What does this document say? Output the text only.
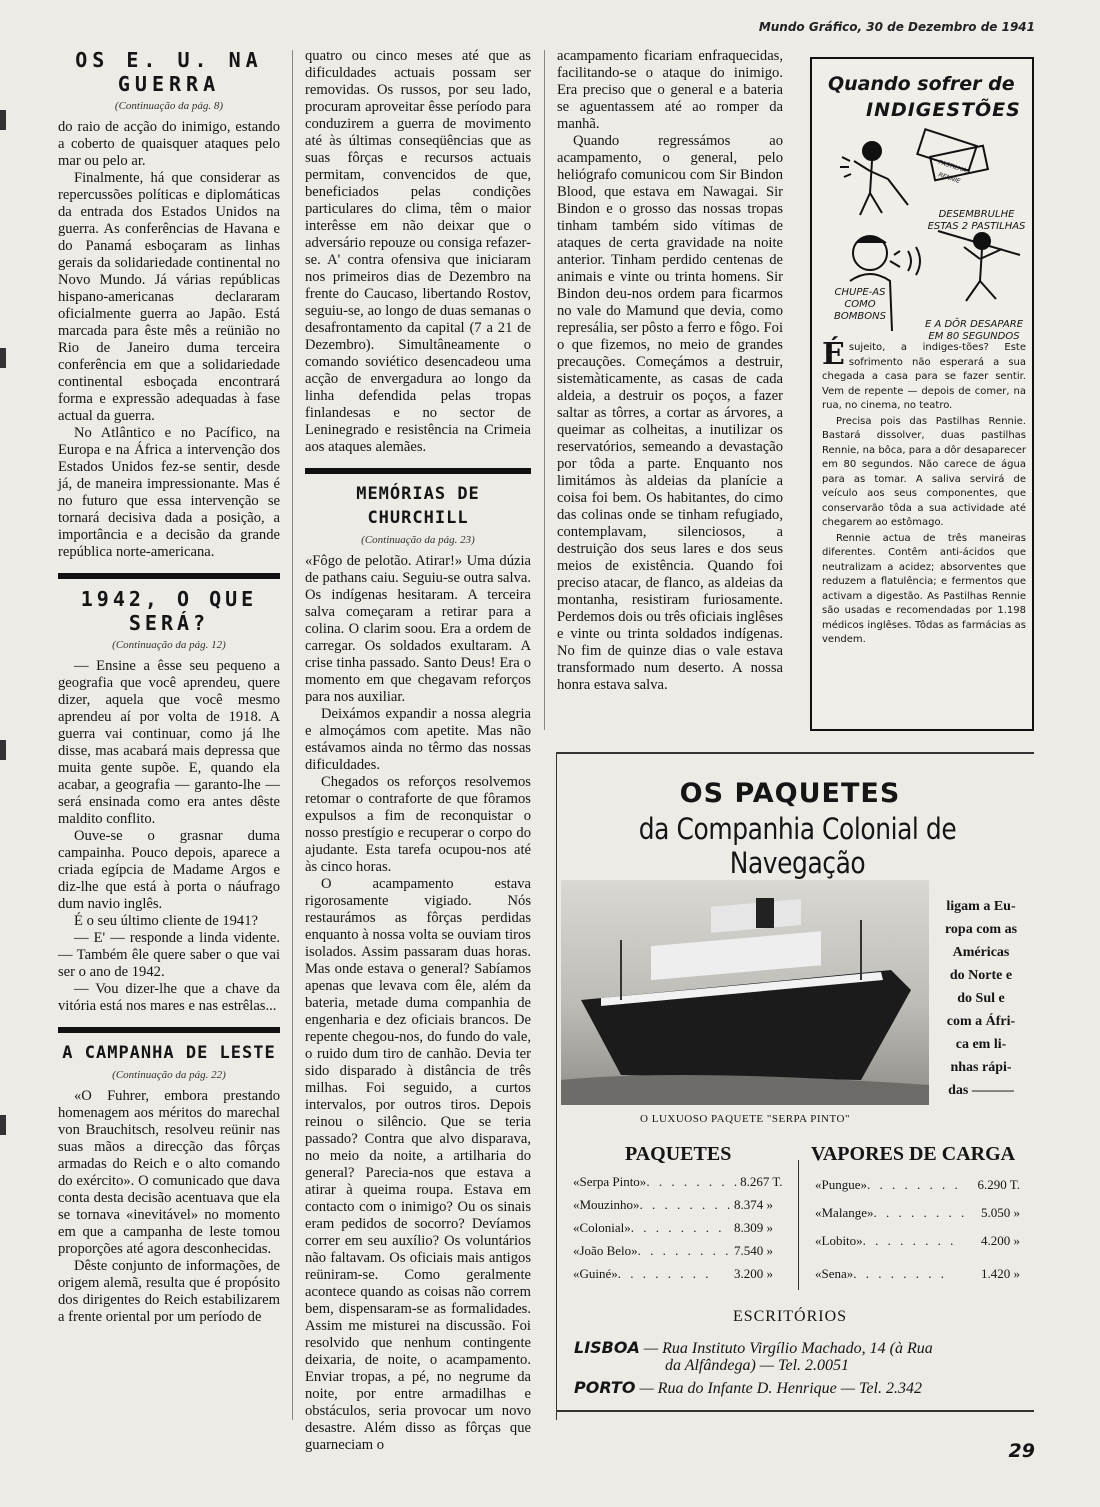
Mundo Gráfico, 30 de Dezembro de 1941
OS E. U. NA GUERRA
(Continuação da pág. 8)

do raio de acção do inimigo, estando a coberto de quaisquer ataques pelo mar ou pelo ar.

Finalmente, há que considerar as repercussões políticas e diplomáticas da entrada dos Estados Unidos na guerra. As conferências de Havana e do Panamá esboçaram as linhas gerais da solidariedade continental no Novo Mundo. Já várias repúblicas hispano-americanas declararam oficialmente guerra ao Japão. Está marcada para êste mês a reünião no Rio de Janeiro duma terceira conferência em que a solidariedade continental esboçada encontrará forma e expressão adequadas à fase actual da guerra.

No Atlântico e no Pacífico, na Europa e na África a intervenção dos Estados Unidos fez-se sentir, desde já, de maneira impressionante. Mas é no futuro que essa intervenção se tornará decisiva dada a posição, a importância e a decisão da grande república norte-americana.

1942, O QUE SERÁ?
(Continuação da pág. 12)

— Ensine a êsse seu pequeno a geografia que você aprendeu, quere dizer, aquela que você mesmo aprendeu aí por volta de 1918. A guerra vai continuar, como já lhe disse, mas acabará mais depressa que muita gente supõe. E, quando ela acabar, a geografia — garanto-lhe — será ensinada como era antes dêste maldito conflito.

Ouve-se o grasnar duma campainha. Pouco depois, aparece a criada egípcia de Madame Argos e diz-lhe que está à porta o náufrago dum navio inglês.

É o seu último cliente de 1941?

— E' — responde a linda vidente. — Também êle quere saber o que vai ser o ano de 1942.

— Vou dizer-lhe que a chave da vitória está nos mares e nas estrêlas...

A CAMPANHA DE LESTE
(Continuação da pág. 22)

«O Fuhrer, embora prestando homenagem aos méritos do marechal von Brauchitsch, resolveu reünir nas suas mãos a direcção das fôrças armadas do Reich e o alto comando do exército». O comunicado que dava conta desta decisão acentuava que ela se tornava «inevitável» no momento em que a campanha de leste tomou proporções até agora desconhecidas.

Dêste conjunto de informações, de origem alemã, resulta que é propósito dos dirigentes do Reich estabilizarem a frente oriental por um período de

quatro ou cinco meses até que as dificuldades actuais possam ser removidas. Os russos, por seu lado, procuram aproveitar êsse período para conduzirem a guerra de movimento até às últimas conseqüências que as suas fôrças e recursos actuais permitam, convencidos de que, beneficiados pelas condições particulares do clima, têm o maior interêsse em não deixar que o adversário repouze ou consiga refazer-se. A' contra ofensiva que iniciaram nos primeiros dias de Dezembro na frente do Caucaso, libertando Rostov, seguiu-se, ao longo de duas semanas o desafrontamento da capital (7 a 21 de Dezembro). Simultâneamente o comando soviético desencadeou uma acção de envergadura ao longo da linha defendida pelas tropas finlandesas e no sector de Leninegrado e resistência na Crimeia aos ataques alemães.

MEMÓRIAS DE CHURCHILL
(Continuação da pág. 23)

«Fôgo de pelotão. Atirar!» Uma dúzia de pathans caiu. Seguiu-se outra salva. Os indígenas hesitaram. A terceira salva começaram a retirar para a colina. O clarim soou. Era a ordem de carregar. Os soldados exultaram. A crise tinha passado. Santo Deus! Era o momento em que chegavam reforços para nos auxiliar.

Deixámos expandir a nossa alegria e almoçámos com apetite. Mas não estávamos ainda no têrmo das nossas dificuldades.

Chegados os reforços resolvemos retomar o contraforte de que fôramos expulsos a fim de reconquistar o nosso prestígio e recuperar o corpo do ajudante. Esta tarefa ocupou-nos até às cinco horas.

O acampamento estava rigorosamente vigiado. Nós restaurámos as fôrças perdidas enquanto à nossa volta se ouviam tiros isolados. Assim passaram duas horas. Mas onde estava o general? Sabíamos apenas que levava com êle, além da bateria, metade duma companhia de engenharia e dez oficiais brancos. De repente chegou-nos, do fundo do vale, o ruido dum tiro de canhão. Devia ter sido disparado à distância de três milhas. Foi seguido, a curtos intervalos, por outros tiros. Depois reinou o silêncio. Que se teria passado? Contra que alvo disparava, no meio da noite, a artilharia do general? Parecia-nos que estava a atirar à queima roupa. Estava em contacto com o inimigo? Ou os sinais eram pedidos de socorro? Devíamos correr em seu auxílio? Os voluntários não faltavam. Os oficiais mais antigos reüniram-se. Como geralmente acontece quando as coisas não correm bem, dispensaram-se as formalidades. Assim me misturei na discussão. Foi resolvido que nenhum contingente deixaria, de noite, o acampamento. Enviar tropas, a pé, no negrume da noite, por entre armadilhas e obstáculos, seria provocar um novo desastre. Além disso as fôrças que guarneciam o

acampamento ficariam enfraquecidas, facilitando-se o ataque do inimigo. Era preciso que o general e a bateria se aguentassem até ao romper da manhã.

Quando regressámos ao acampamento, o general, pelo heliógrafo comunicou com Sir Bindon Blood, que estava em Nawagai. Sir Bindon e o grosso das nossas tropas tinham também sido vítimas de ataques de certa gravidade na noite anterior. Tinham perdido centenas de animais e vinte ou trinta homens. Sir Bindon deu-nos ordem para ficarmos no vale do Mamund que devia, como represália, ser pôsto a ferro e fôgo. Foi o que fizemos, no meio de grandes precauções. Começámos a destruir, sistemàticamente, as casas de cada aldeia, a destruir os poços, a fazer saltar as tôrres, a cortar as árvores, a queimar as colheitas, a inutilizar os reservatórios, semeando a devastação por tôda a parte. Enquanto nos limitámos às aldeias da planície a coisa foi bem. Os habitantes, do cimo das colinas onde se tinham refugiado, contemplavam, silenciosos, a destruição dos seus lares e dos seus meios de existência. Quando foi preciso atacar, de flanco, as aldeias da montanha, resistiram furiosamente. Perdemos dois ou três oficiais inglêses e vinte ou trinta soldados indígenas. No fim de quinze dias o vale estava transformado num deserto. A nossa honra estava salva.

Quando sofrer de
INDIGESTÕES
PASTILHAS RENNIE
DESEMBRULHE ESTAS 2 PASTILHAS
CHUPE-AS COMO BOMBONS
E A DÔR DESAPARE EM 80 SEGUNDOS

Ésujeito, a indiges-tões? Este sofrimento não esperará a sua chegada a casa para se fazer sentir. Vem de repente — depois de comer, na rua, no cinema, no teatro.

Precisa pois das Pastilhas Rennie. Bastará dissolver, duas pastilhas Rennie, na bôca, para a dôr desaparecer em 80 segundos. Não carece de água para as tomar. A saliva servirá de veículo aos seus componentes, que conservarão tôda a sua actividade até chegarem ao estômago.

Rennie actua de três maneiras diferentes. Contêm anti-ácidos que neutralizam a acidez; absorventes que reduzem a flatulência; e fermentos que activam a digestão. As Pastilhas Rennie são usadas e recomendadas por 1.198 médicos inglêses. Tôdas as farmácias as vendem.

OS PAQUETES
da Companhia Colonial de Navegação
O LUXUOSO PAQUETE "SERPA PINTO"
ligam a Eu-
ropa com as
Américas
do Norte e
do Sul e
com a Áfri-
ca em li-
nhas rápi-
das ———
PAQUETES	VAPORES DE CARGA
«Serpa Pinto» . . . . . . . . 8.267 T.
«Mouzinho» . . . . . . . . 8.374 »
«Colonial» . . . . . . . . 8.309 »
«João Belo» . . . . . . . . 7.540 »
«Guiné» . . . . . . . .	3.200 »
«Pungue» . . . . . . . .	6.290 T.
«Malange» . . . . . . . .	5.050 »
«Lobito» . . . . . . . .	4.200 »
«Sena» . . . . . . . .	1.420 »
ESCRITÓRIOS
LISBOA — Rua Instituto Virgílio Machado, 14 (à Rua
da Alfândega) — Tel. 2.0051
PORTO — Rua do Infante D. Henrique — Tel. 2.342
29
